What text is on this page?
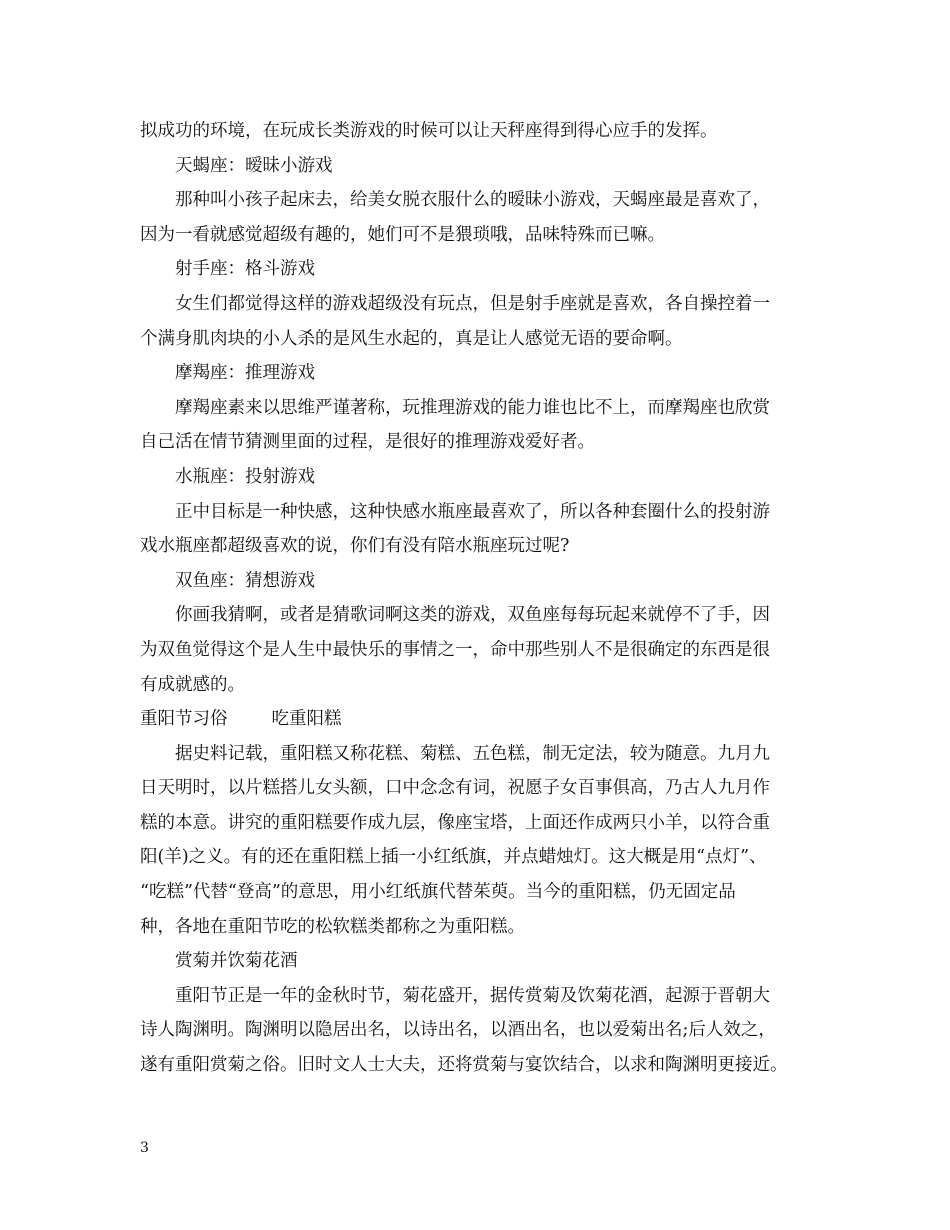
拟成功的环境，在玩成长类游戏的时候可以让天秤座得到得心应手的发挥。
天蝎座：暧昧小游戏
那种叫小孩子起床去，给美女脱衣服什么的暧昧小游戏，天蝎座最是喜欢了，
因为一看就感觉超级有趣的，她们可不是猥琐哦，品味特殊而已嘛。
射手座：格斗游戏
女生们都觉得这样的游戏超级没有玩点，但是射手座就是喜欢，各自操控着一
个满身肌肉块的小人杀的是风生水起的，真是让人感觉无语的要命啊。
摩羯座：推理游戏
摩羯座素来以思维严谨著称，玩推理游戏的能力谁也比不上，而摩羯座也欣赏
自己活在情节猜测里面的过程，是很好的推理游戏爱好者。
水瓶座：投射游戏
正中目标是一种快感，这种快感水瓶座最喜欢了，所以各种套圈什么的投射游
戏水瓶座都超级喜欢的说，你们有没有陪水瓶座玩过呢?
双鱼座：猜想游戏
你画我猜啊，或者是猜歌词啊这类的游戏，双鱼座每每玩起来就停不了手，因
为双鱼觉得这个是人生中最快乐的事情之一，命中那些别人不是很确定的东西是很
有成就感的。
重阳节习俗	吃重阳糕
据史料记载，重阳糕又称花糕、菊糕、五色糕，制无定法，较为随意。九月九
日天明时，以片糕搭儿女头额，口中念念有词，祝愿子女百事俱高，乃古人九月作
糕的本意。讲究的重阳糕要作成九层，像座宝塔，上面还作成两只小羊，以符合重
阳(羊)之义。有的还在重阳糕上插一小红纸旗，并点蜡烛灯。这大概是用“点灯”、
“吃糕”代替“登高”的意思，用小红纸旗代替茱萸。当今的重阳糕，仍无固定品
种，各地在重阳节吃的松软糕类都称之为重阳糕。
赏菊并饮菊花酒
重阳节正是一年的金秋时节，菊花盛开，据传赏菊及饮菊花酒，起源于晋朝大
诗人陶渊明。陶渊明以隐居出名，以诗出名，以酒出名，也以爱菊出名;后人效之，
遂有重阳赏菊之俗。旧时文人士大夫，还将赏菊与宴饮结合，以求和陶渊明更接近。
3
